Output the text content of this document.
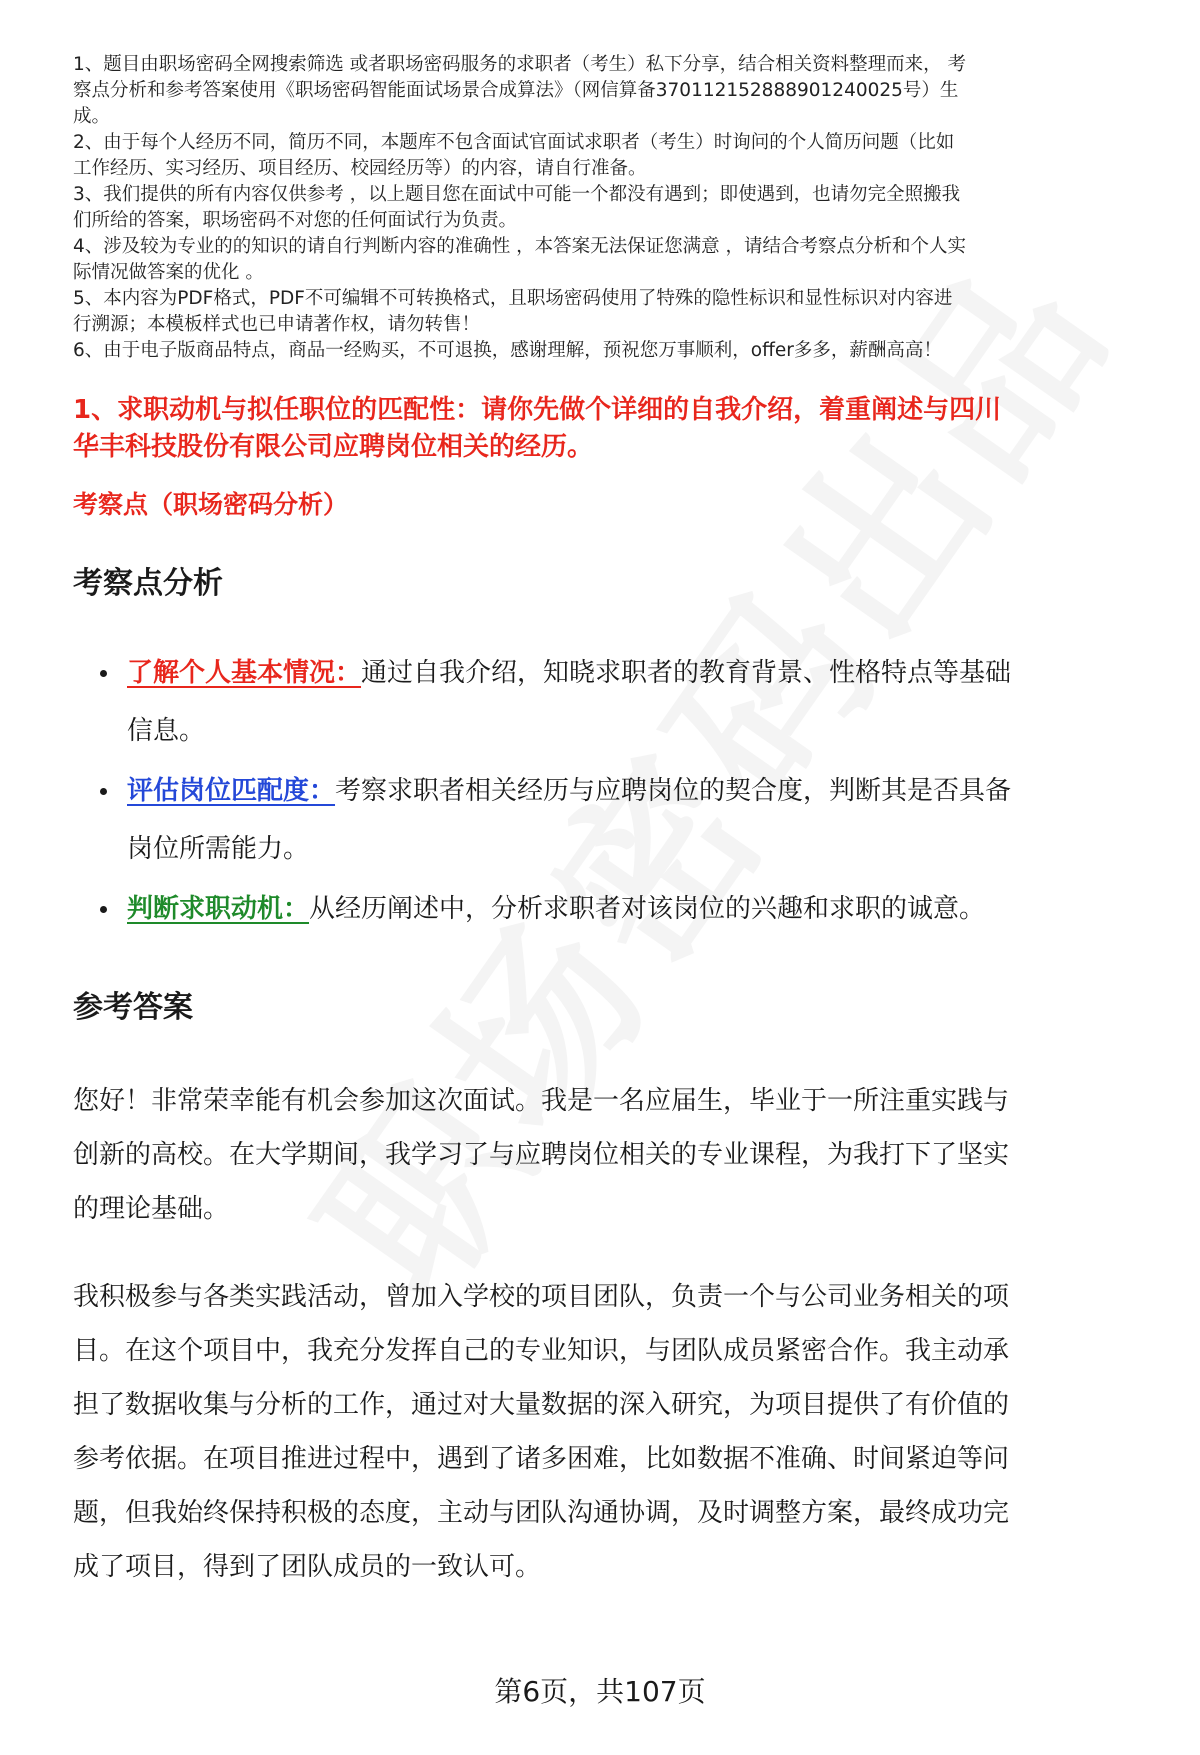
1、题目由职场密码全网搜索筛选 或者职场密码服务的求职者（考生）私下分享，结合相关资料整理而来， 考

察点分析和参考答案使用《职场密码智能面试场景合成算法》（网信算备370112152888901240025号）生

成。

2、由于每个人经历不同，简历不同，本题库不包含面试官面试求职者（考生）时询问的个人简历问题（比如

工作经历、实习经历、项目经历、校园经历等）的内容，请自行准备。

3、我们提供的所有内容仅供参考 ，以上题目您在面试中可能一个都没有遇到；即使遇到，也请勿完全照搬我

们所给的答案，职场密码不对您的任何面试行为负责。

4、涉及较为专业的的知识的请自行判断内容的准确性 ，本答案无法保证您满意 ，请结合考察点分析和个人实

际情况做答案的优化 。

5、本内容为PDF格式，PDF不可编辑不可转换格式，且职场密码使用了特殊的隐性标识和显性标识对内容进

行溯源；本模板样式也已申请著作权，请勿转售！

6、由于电子版商品特点，商品一经购买，不可退换，感谢理解，预祝您万事顺利，offer多多，薪酬高高！

1、求职动机与拟任职位的匹配性：请你先做个详细的自我介绍，着重阐述与四川
华丰科技股份有限公司应聘岗位相关的经历。
考察点（职场密码分析）
考察点分析
了解个人基本情况：通过自我介绍，知晓求职者的教育背景、性格特点等基础
信息。
评估岗位匹配度：考察求职者相关经历与应聘岗位的契合度，判断其是否具备
岗位所需能力。
判断求职动机：从经历阐述中，分析求职者对该岗位的兴趣和求职的诚意。
参考答案
您好！非常荣幸能有机会参加这次面试。我是一名应届生，毕业于一所注重实践与
创新的高校。在大学期间，我学习了与应聘岗位相关的专业课程，为我打下了坚实
的理论基础。
我积极参与各类实践活动，曾加入学校的项目团队，负责一个与公司业务相关的项
目。在这个项目中，我充分发挥自己的专业知识，与团队成员紧密合作。我主动承
担了数据收集与分析的工作，通过对大量数据的深入研究，为项目提供了有价值的
参考依据。在项目推进过程中，遇到了诸多困难，比如数据不准确、时间紧迫等问
题，但我始终保持积极的态度，主动与团队沟通协调，及时调整方案，最终成功完
成了项目，得到了团队成员的一致认可。
第6页，共107页
